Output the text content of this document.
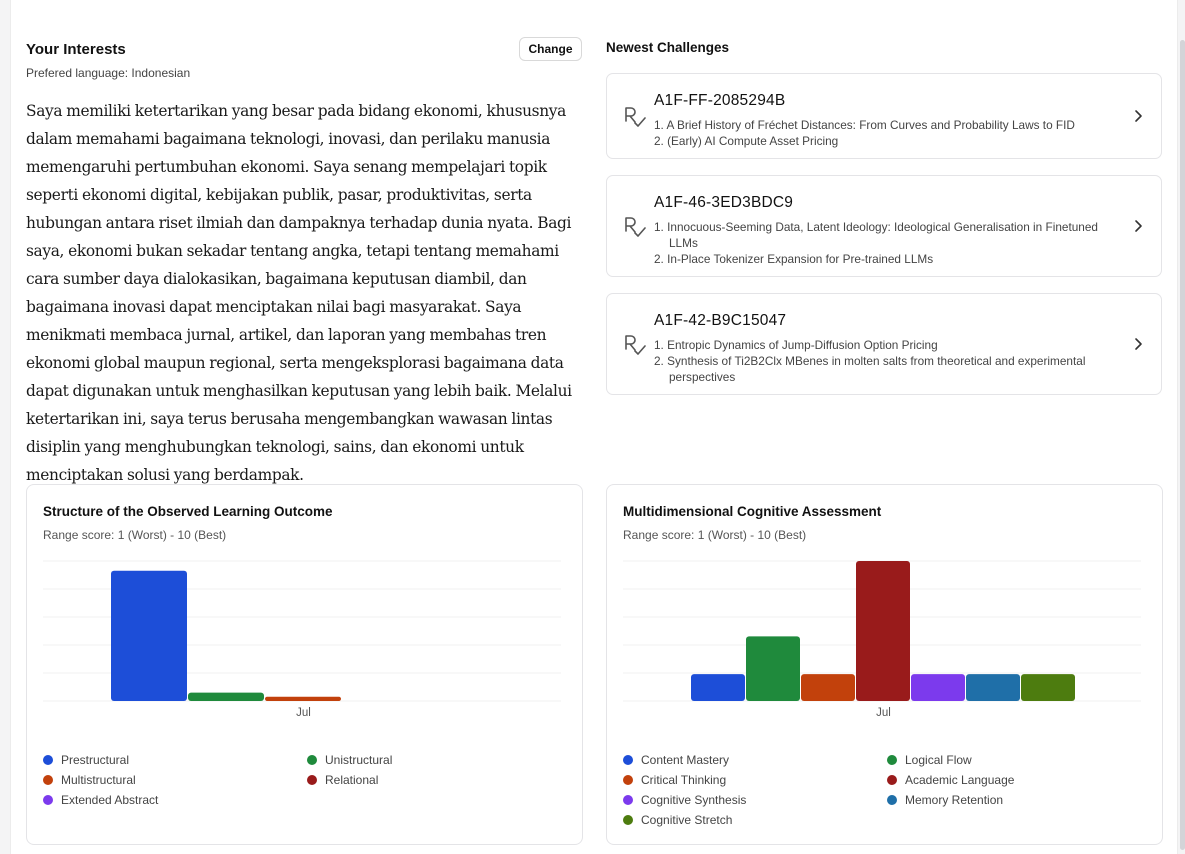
Your Interests
Prefered language: Indonesian
Change

Saya memiliki ketertarikan yang besar pada bidang ekonomi, khususnya dalam memahami bagaimana teknologi, inovasi, dan perilaku manusia memengaruhi pertumbuhan ekonomi. Saya senang mempelajari topik seperti ekonomi digital, kebijakan publik, pasar, produktivitas, serta hubungan antara riset ilmiah dan dampaknya terhadap dunia nyata. Bagi saya, ekonomi bukan sekadar tentang angka, tetapi tentang memahami cara sumber daya dialokasikan, bagaimana keputusan diambil, dan bagaimana inovasi dapat menciptakan nilai bagi masyarakat. Saya menikmati membaca jurnal, artikel, dan laporan yang membahas tren ekonomi global maupun regional, serta mengeksplorasi bagaimana data dapat digunakan untuk menghasilkan keputusan yang lebih baik. Melalui ketertarikan ini, saya terus berusaha mengembangkan wawasan lintas disiplin yang menghubungkan teknologi, sains, dan ekonomi untuk menciptakan solusi yang berdampak.

Newest Challenges
A1F-FF-2085294B
1. A Brief History of Fréchet Distances: From Curves and Probability Laws to FID
2. (Early) AI Compute Asset Pricing
A1F-46-3ED3BDC9
1. Innocuous-Seeming Data, Latent Ideology: Ideological Generalisation in Finetuned LLMs
2. In-Place Tokenizer Expansion for Pre-trained LLMs
A1F-42-B9C15047
1. Entropic Dynamics of Jump-Diffusion Option Pricing
2. Synthesis of Ti2B2Clx MBenes in molten salts from theoretical and experimental perspectives
Structure of the Observed Learning Outcome
Range score: 1 (Worst) - 10 (Best)
Jul
Prestructural	Unistructural
Multistructural	Relational
Extended Abstract
Multidimensional Cognitive Assessment
Range score: 1 (Worst) - 10 (Best)
Jul
Content Mastery	Logical Flow
Critical Thinking	Academic Language
Cognitive Synthesis	Memory Retention
Cognitive Stretch
